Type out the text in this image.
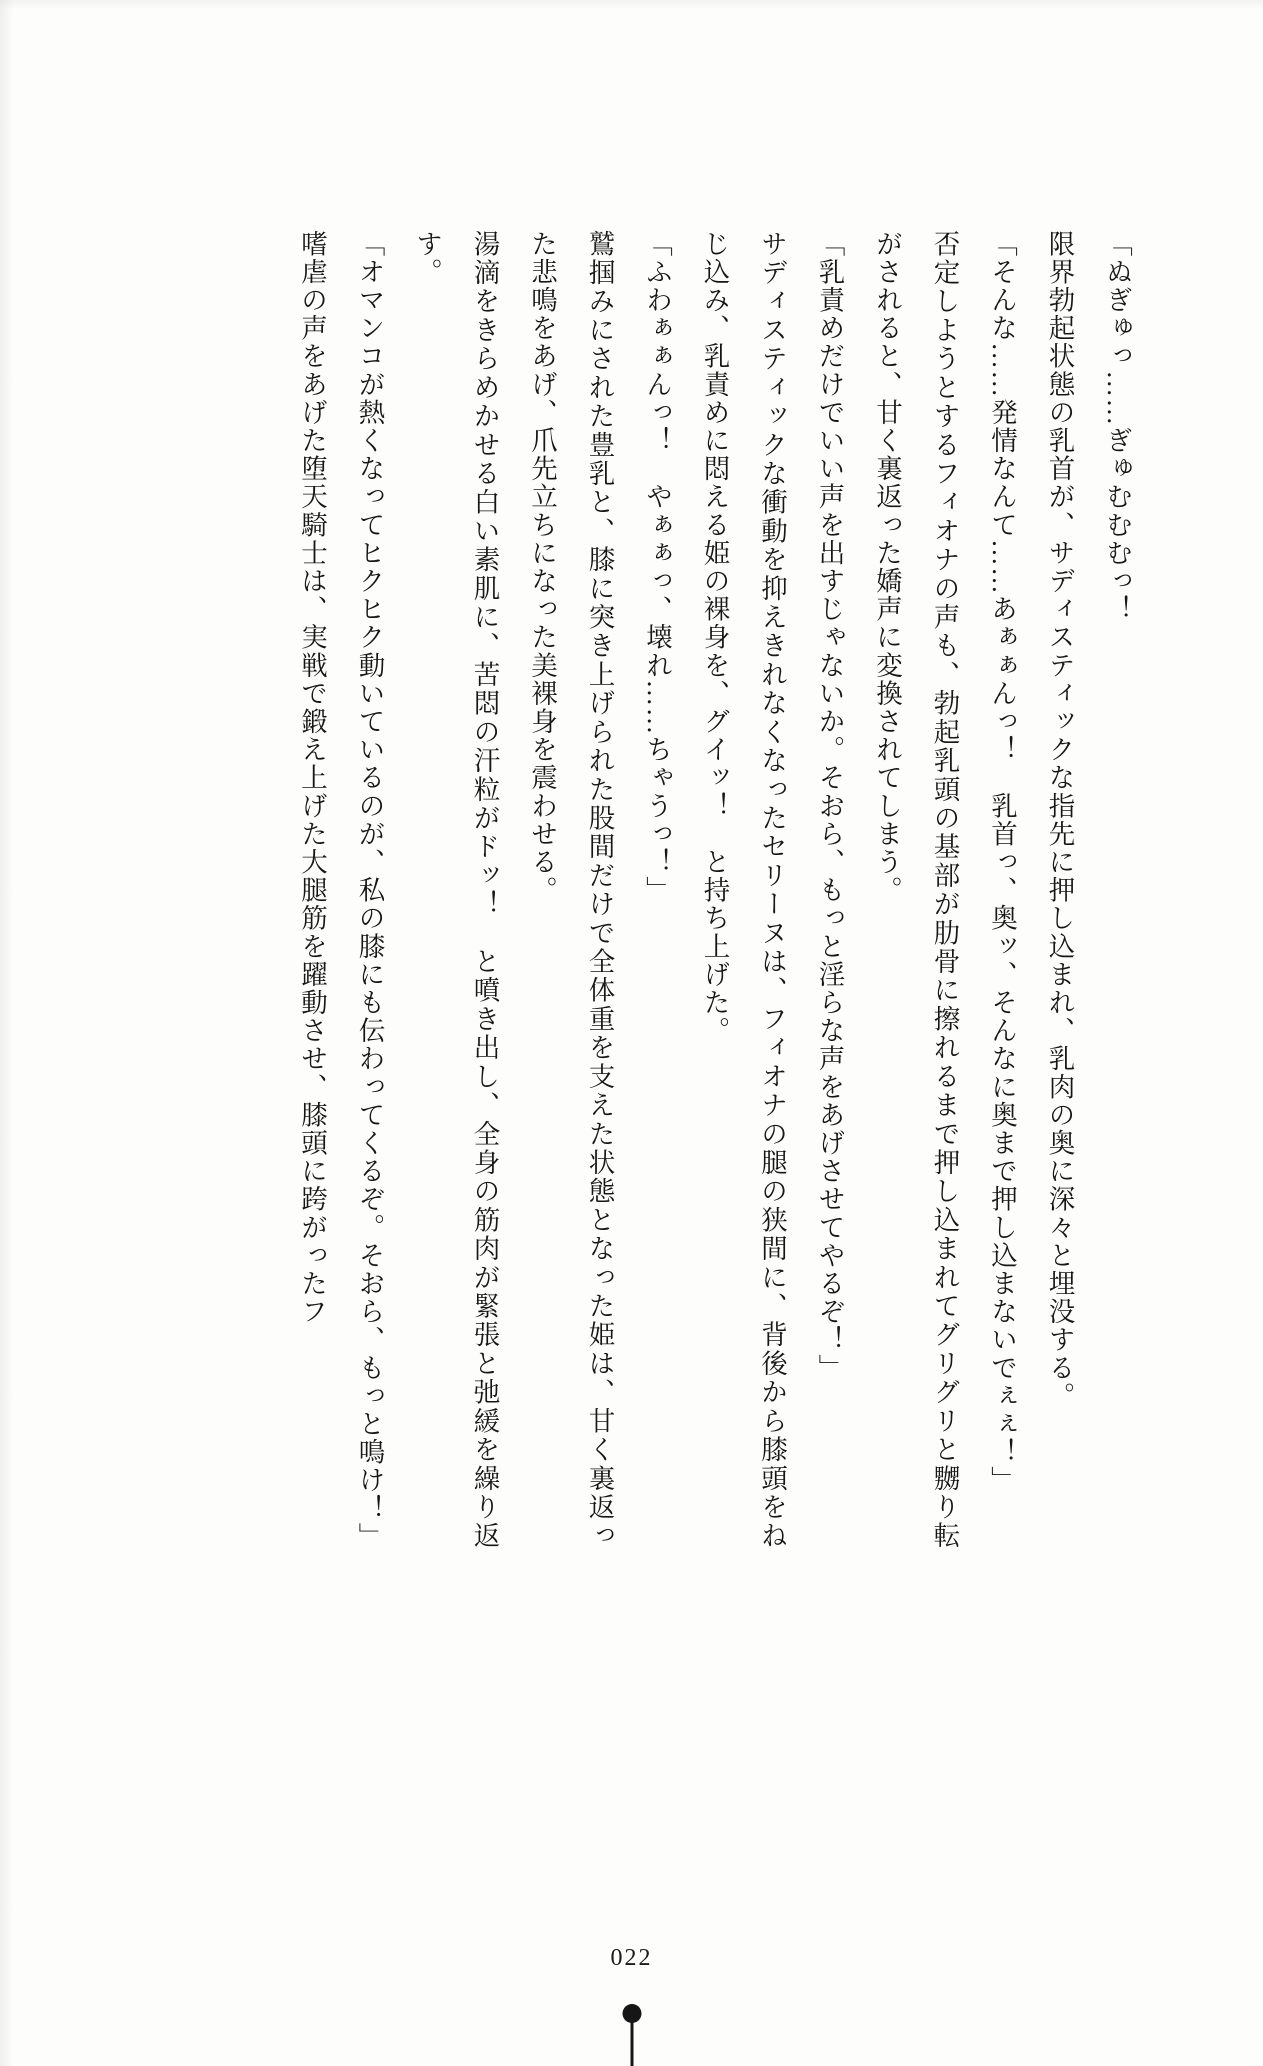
「ぬぎゅっ……ぎゅむむむっ！

限界勃起状態の乳首が、サディスティックな指先に押し込まれ、乳肉の奥に深々と埋没する。

「そんな……発情なんて……あぁぁんっ！　乳首っ、奥ッ、そんなに奥まで押し込まないでぇぇ！」

否定しようとするフィオナの声も、勃起乳頭の基部が肋骨に擦れるまで押し込まれてグリグリと嬲り転がされると、甘く裏返った嬌声に変換されてしまう。

「乳責めだけでいい声を出すじゃないか。そおら、もっと淫らな声をあげさせてやるぞ！」

サディスティックな衝動を抑えきれなくなったセリーヌは、フィオナの腿の狭間に、背後から膝頭をねじ込み、乳責めに悶える姫の裸身を、グイッ！　と持ち上げた。

「ふわぁぁんっ！　やぁぁっ、壊れ……ちゃうっ！」

鷲掴みにされた豊乳と、膝に突き上げられた股間だけで全体重を支えた状態となった姫は、甘く裏返った悲鳴をあげ、爪先立ちになった美裸身を震わせる。

湯滴をきらめかせる白い素肌に、苦悶の汗粒がドッ！　と噴き出し、全身の筋肉が緊張と弛緩を繰り返す。

「オマンコが熱くなってヒクヒク動いているのが、私の膝にも伝わってくるぞ。そおら、もっと鳴け！」

嗜虐の声をあげた堕天騎士は、実戦で鍛え上げた大腿筋を躍動させ、膝頭に跨がったフ

022
